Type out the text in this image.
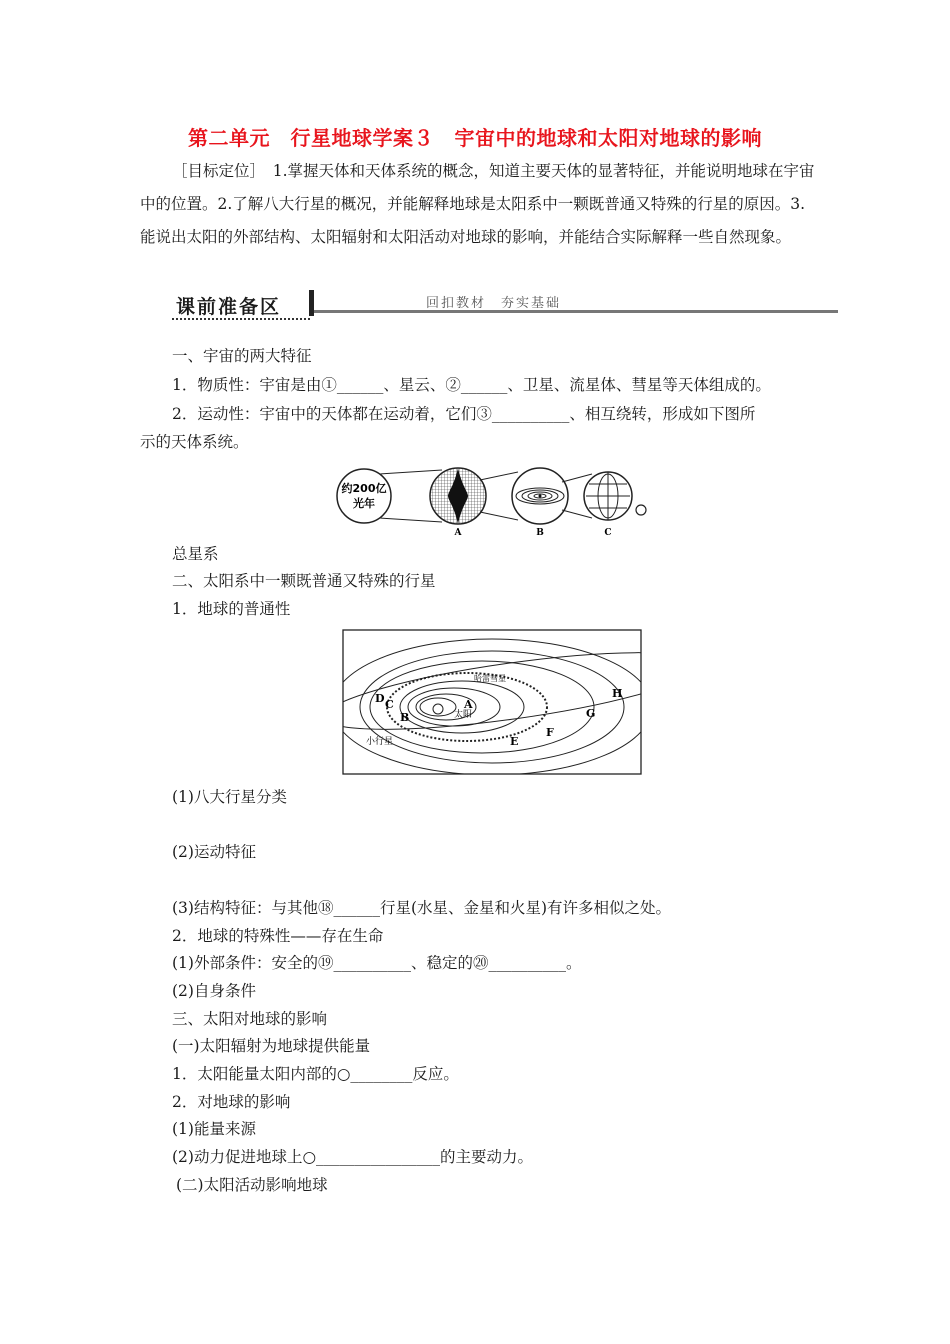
第二单元　行星地球学案３　宇宙中的地球和太阳对地球的影响
［目标定位］　1.掌握天体和天体系统的概念，知道主要天体的显著特征，并能说明地球在宇宙中的位置。2.了解八大行星的概况，并能解释地球是太阳系中一颗既普通又特殊的行星的原因。3.能说出太阳的外部结构、太阳辐射和太阳活动对地球的影响，并能结合实际解释一些自然现象。
课前准备区	回扣教材　夯实基础
一、宇宙的两大特征
1．物质性：宇宙是由①______、星云、②______、卫星、流星体、彗星等天体组成的。
2．运动性：宇宙中的天体都在运动着，它们③__________、相互绕转，形成如下图所
示的天体系统。
约200亿
光年
A	B	C
总星系
二、太阳系中一颗既普通又特殊的行星
1．地球的普通性
哈雷彗星
太阳
小行星
A
B
C
D
E
F
G
H
(1)八大行星分类
(2)运动特征
(3)结构特征：与其他⑱______行星(水星、金星和火星)有许多相似之处。
2．地球的特殊性——存在生命
(1)外部条件：安全的⑲__________、稳定的⑳__________。
(2)自身条件
三、太阳对地球的影响
(一)太阳辐射为地球提供能量
1．太阳能量太阳内部的○________反应。
2．对地球的影响
(1)能量来源
(2)动力促进地球上○________________的主要动力。
(二)太阳活动影响地球
